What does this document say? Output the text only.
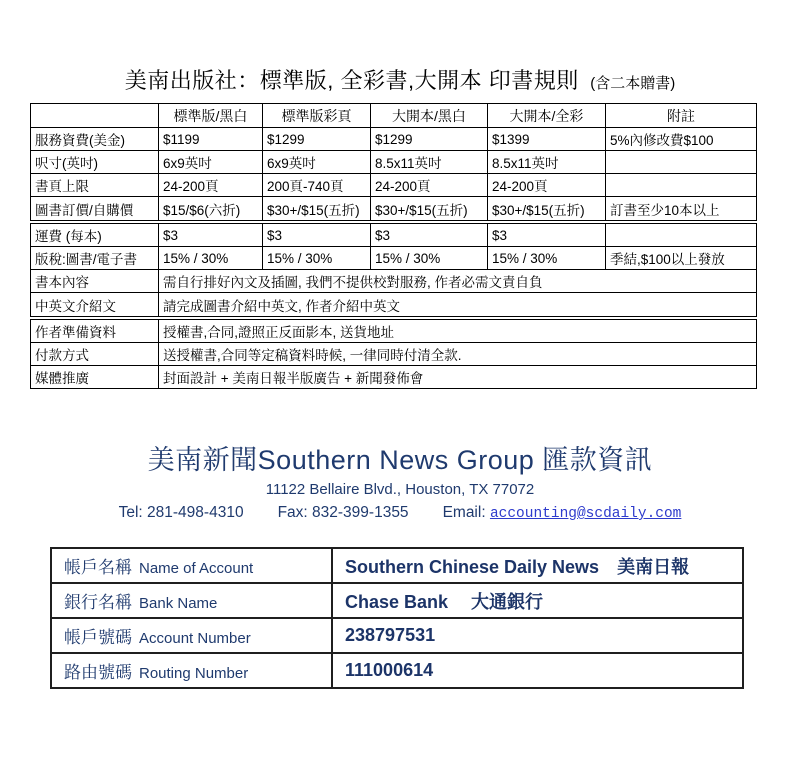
美南出版社：標準版, 全彩書,大開本 印書規則 (含二本贈書)
	標準版/黑白	標準版彩頁	大開本/黑白	大開本/全彩	附註
服務資費(美金)	$1199	$1299	$1299	$1399	5%內修改費$100
呎寸(英吋)	6x9英吋	6x9英吋	8.5x11英吋	8.5x11英吋	
書頁上限	24-200頁	200頁-740頁	24-200頁	24-200頁	
圖書訂價/自購價	$15/$6(六折)	$30+/$15(五折)	$30+/$15(五折)	$30+/$15(五折)	訂書至少10本以上
運費 (每本)	$3	$3	$3	$3	
版稅:圖書/電子書	15% / 30%	15% / 30%	15% / 30%	15% / 30%	季結,$100以上發放
書本內容	需自行排好內文及插圖, 我們不提供校對服務, 作者必需文責自負				
中英文介紹文	請完成圖書介紹中英文, 作者介紹中英文				
作者準備資料	授權書,合同,證照正反面影本, 送貨地址
付款方式	送授權書,合同等定稿資料時候, 一律同時付清全款.
媒體推廣	封面設計 + 美南日報半版廣告 + 新聞發佈會
美南新聞Southern News Group 匯款資訊
11122 Bellaire Blvd., Houston, TX 77072
Tel: 281-498-4310 Fax: 832-399-1355 Email: accounting@scdaily.com
帳戶名稱 Name of Account	Southern Chinese Daily News　美南日報
銀行名稱 Bank Name	Chase Bank　 大通銀行
帳戶號碼 Account Number	238797531
路由號碼 Routing Number	111000614
